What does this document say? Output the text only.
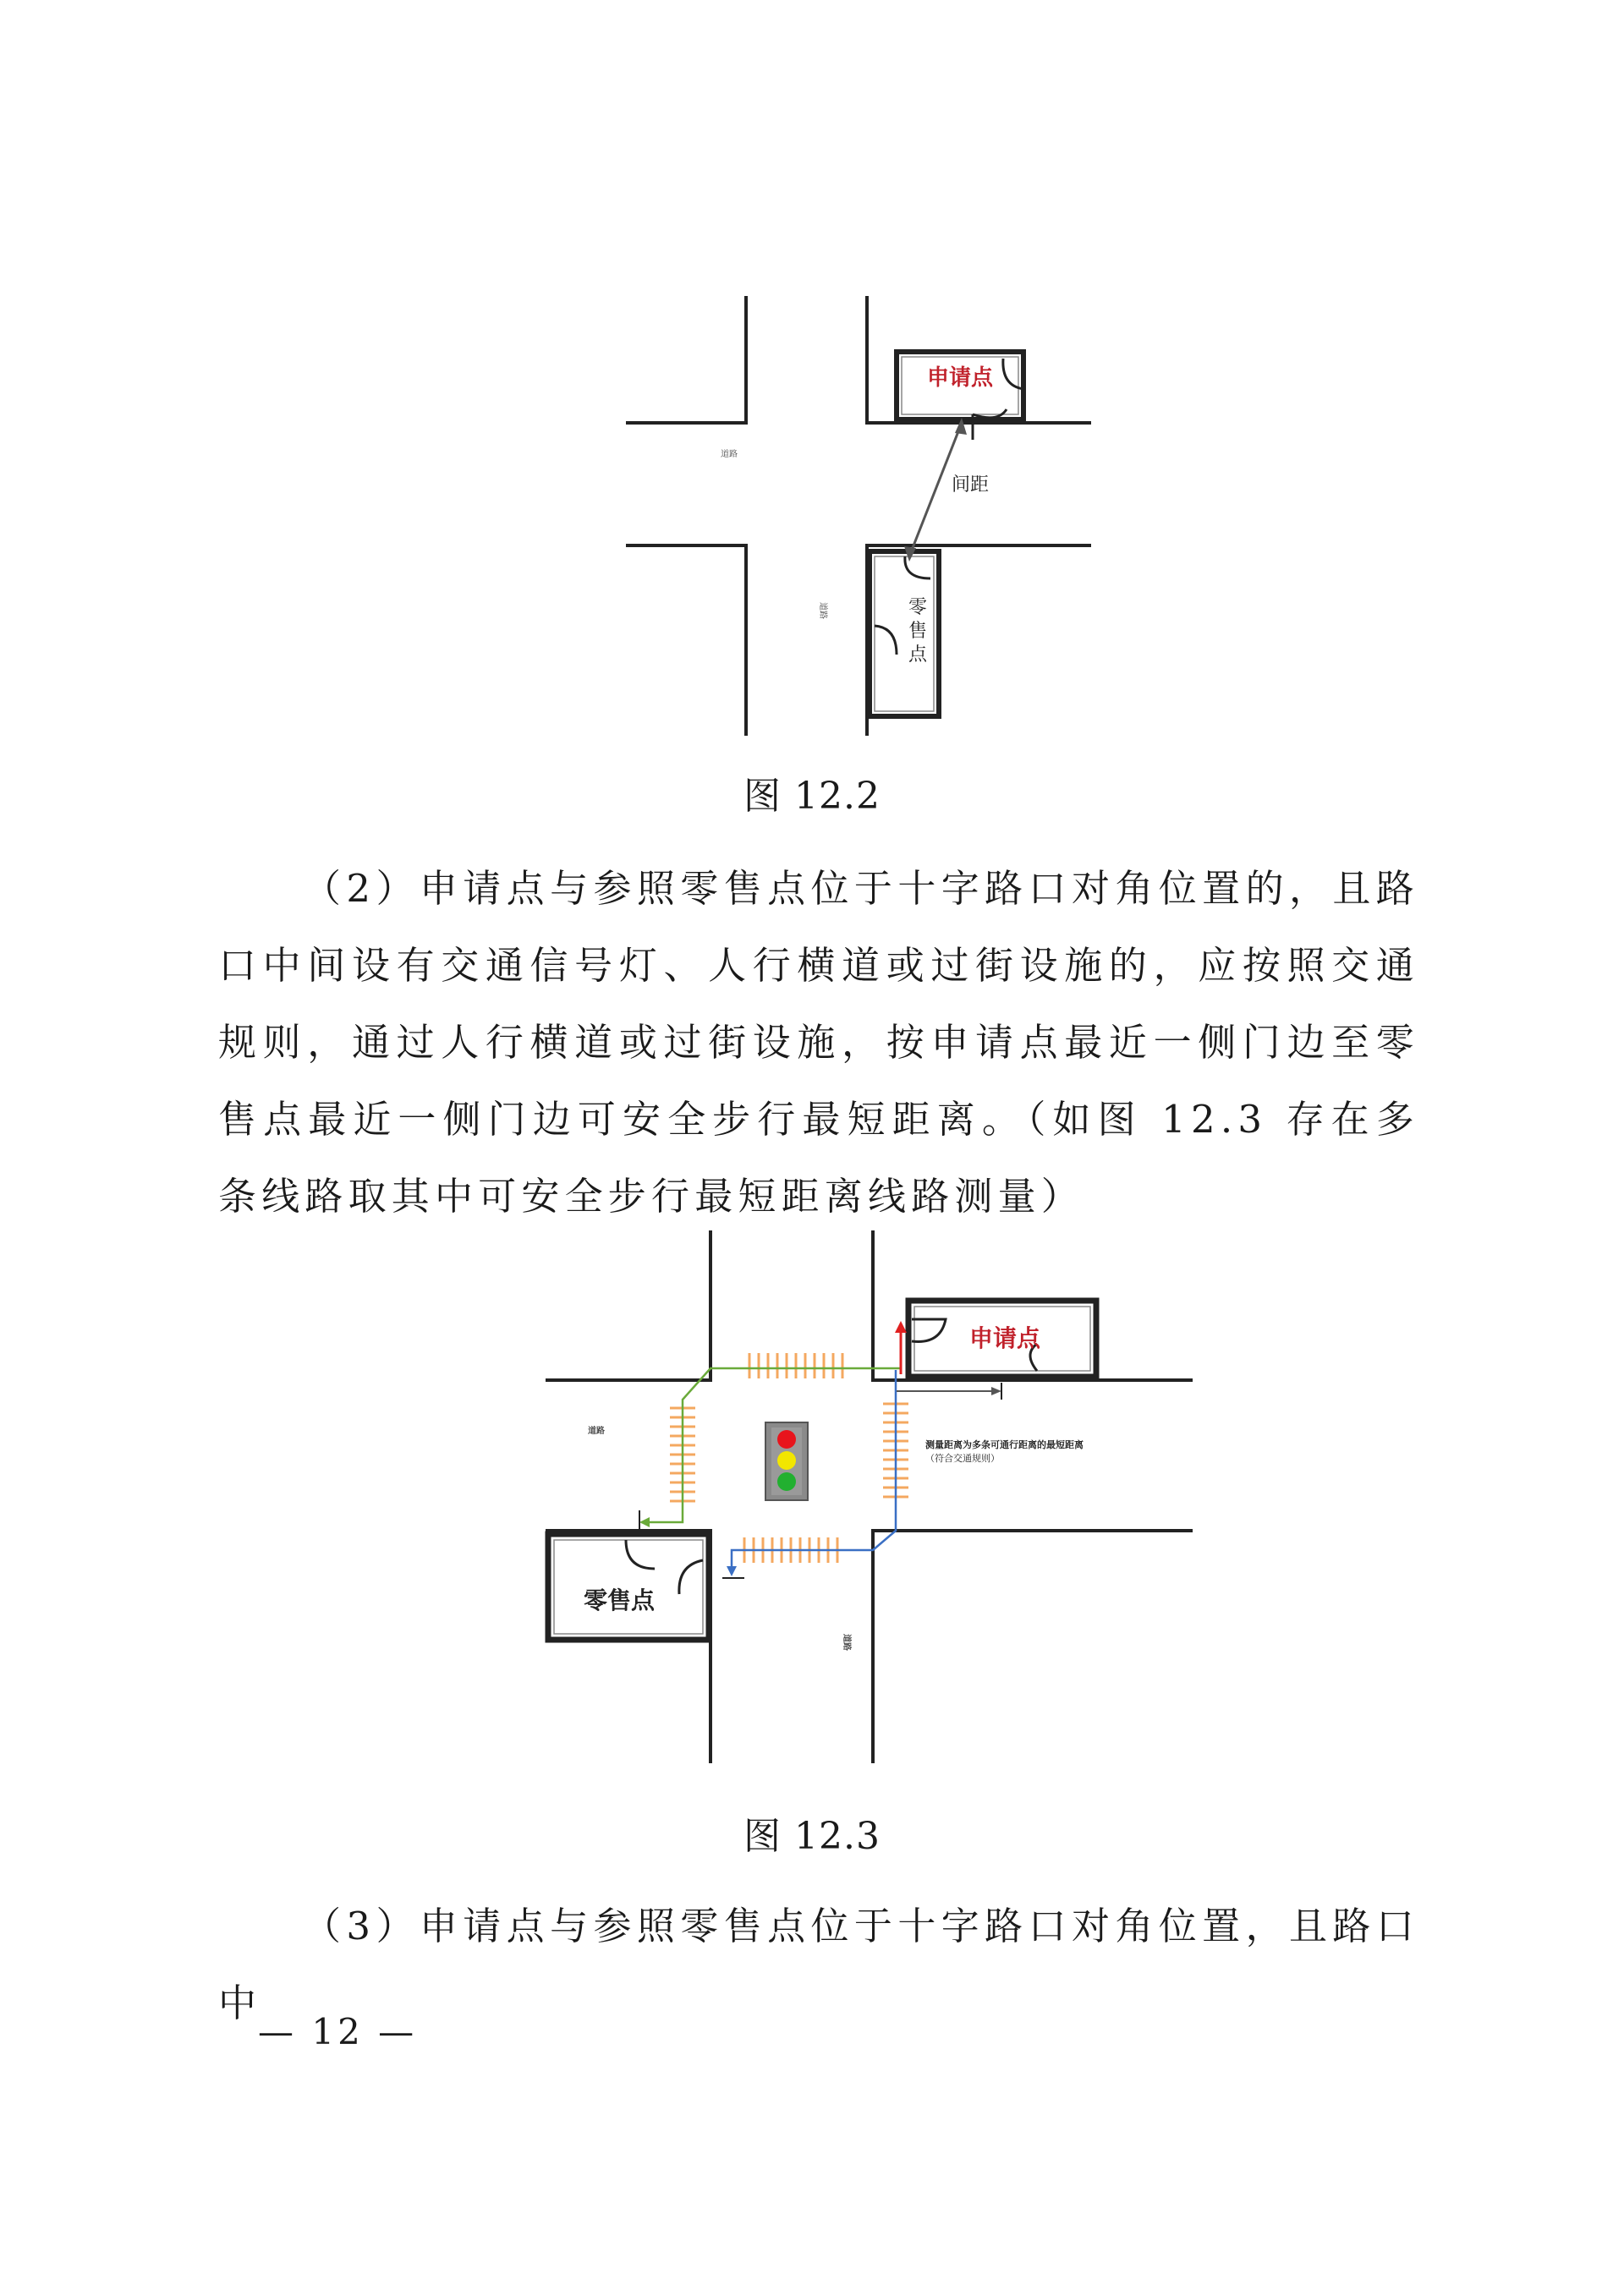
申请点
零
售
点
间距
道路
道路
图 12.2

（2）申请点与参照零售点位于十字路口对角位置的，且路口中间设有交通信号灯、人行横道或过街设施的，应按照交通规则，通过人行横道或过街设施，按申请点最近一侧门边至零售点最近一侧门边可安全步行最短距离。（如图 12.3 存在多条线路取其中可安全步行最短距离线路测量）

申请点
零售点
测量距离为多条可通行距离的最短距离
（符合交通规则）
道路
道路
图 12.3

（3）申请点与参照零售点位于十字路口对角位置，且路口中

— 12 —
